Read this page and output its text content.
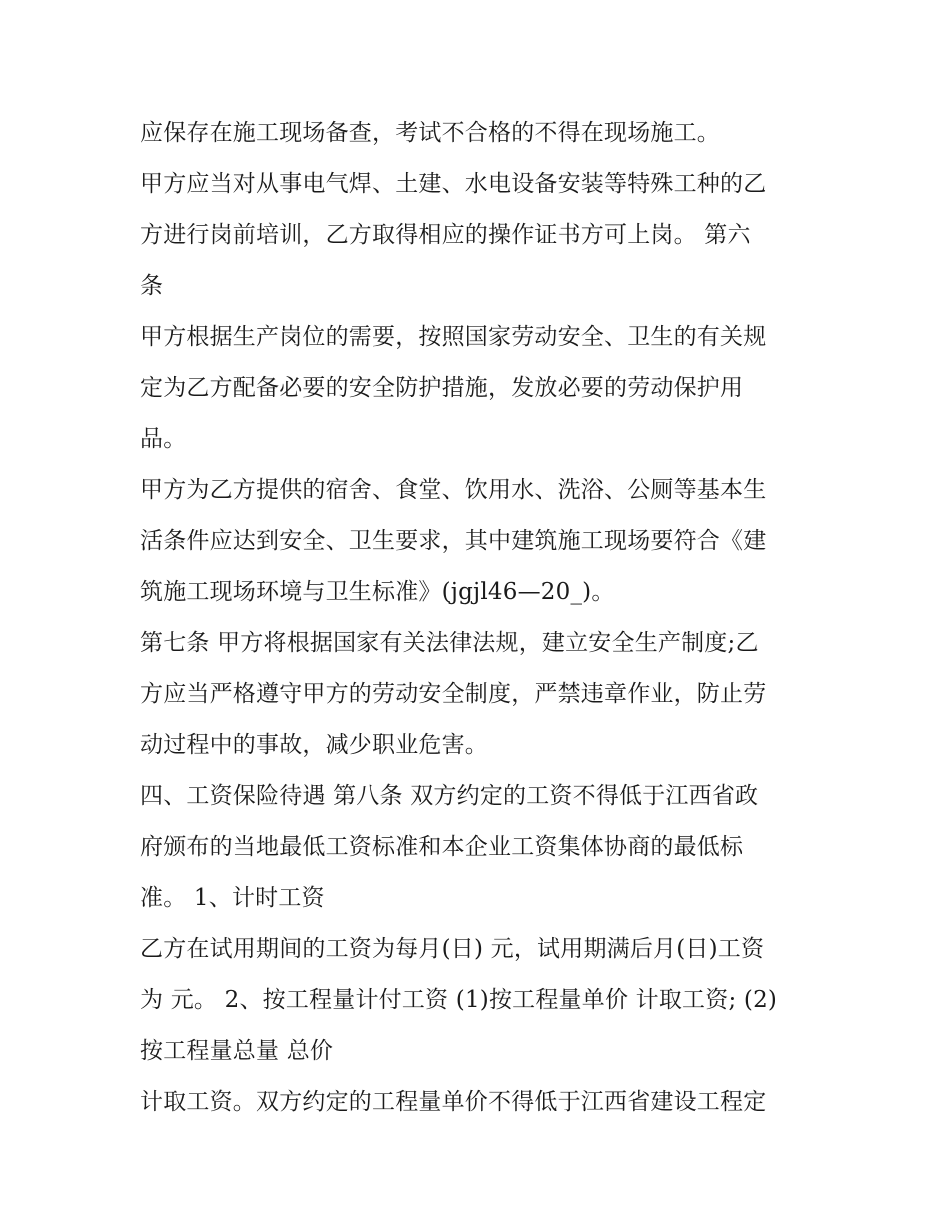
应保存在施工现场备查，考试不合格的不得在现场施工。
甲方应当对从事电气焊、土建、水电设备安装等特殊工种的乙
方进行岗前培训，乙方取得相应的操作证书方可上岗。 第六
条
甲方根据生产岗位的需要，按照国家劳动安全、卫生的有关规
定为乙方配备必要的安全防护措施，发放必要的劳动保护用
品。
甲方为乙方提供的宿舍、食堂、饮用水、洗浴、公厕等基本生
活条件应达到安全、卫生要求，其中建筑施工现场要符合《建
筑施工现场环境与卫生标准》(jgjl46—20_)。
第七条 甲方将根据国家有关法律法规，建立安全生产制度;乙
方应当严格遵守甲方的劳动安全制度，严禁违章作业，防止劳
动过程中的事故，减少职业危害。
四、工资保险待遇 第八条 双方约定的工资不得低于江西省政
府颁布的当地最低工资标准和本企业工资集体协商的最低标
准。 1、计时工资
乙方在试用期间的工资为每月(日) 元，试用期满后月(日)工资
为 元。 2、按工程量计付工资 (1)按工程量单价 计取工资; (2)
按工程量总量 总价
计取工资。双方约定的工程量单价不得低于江西省建设工程定
